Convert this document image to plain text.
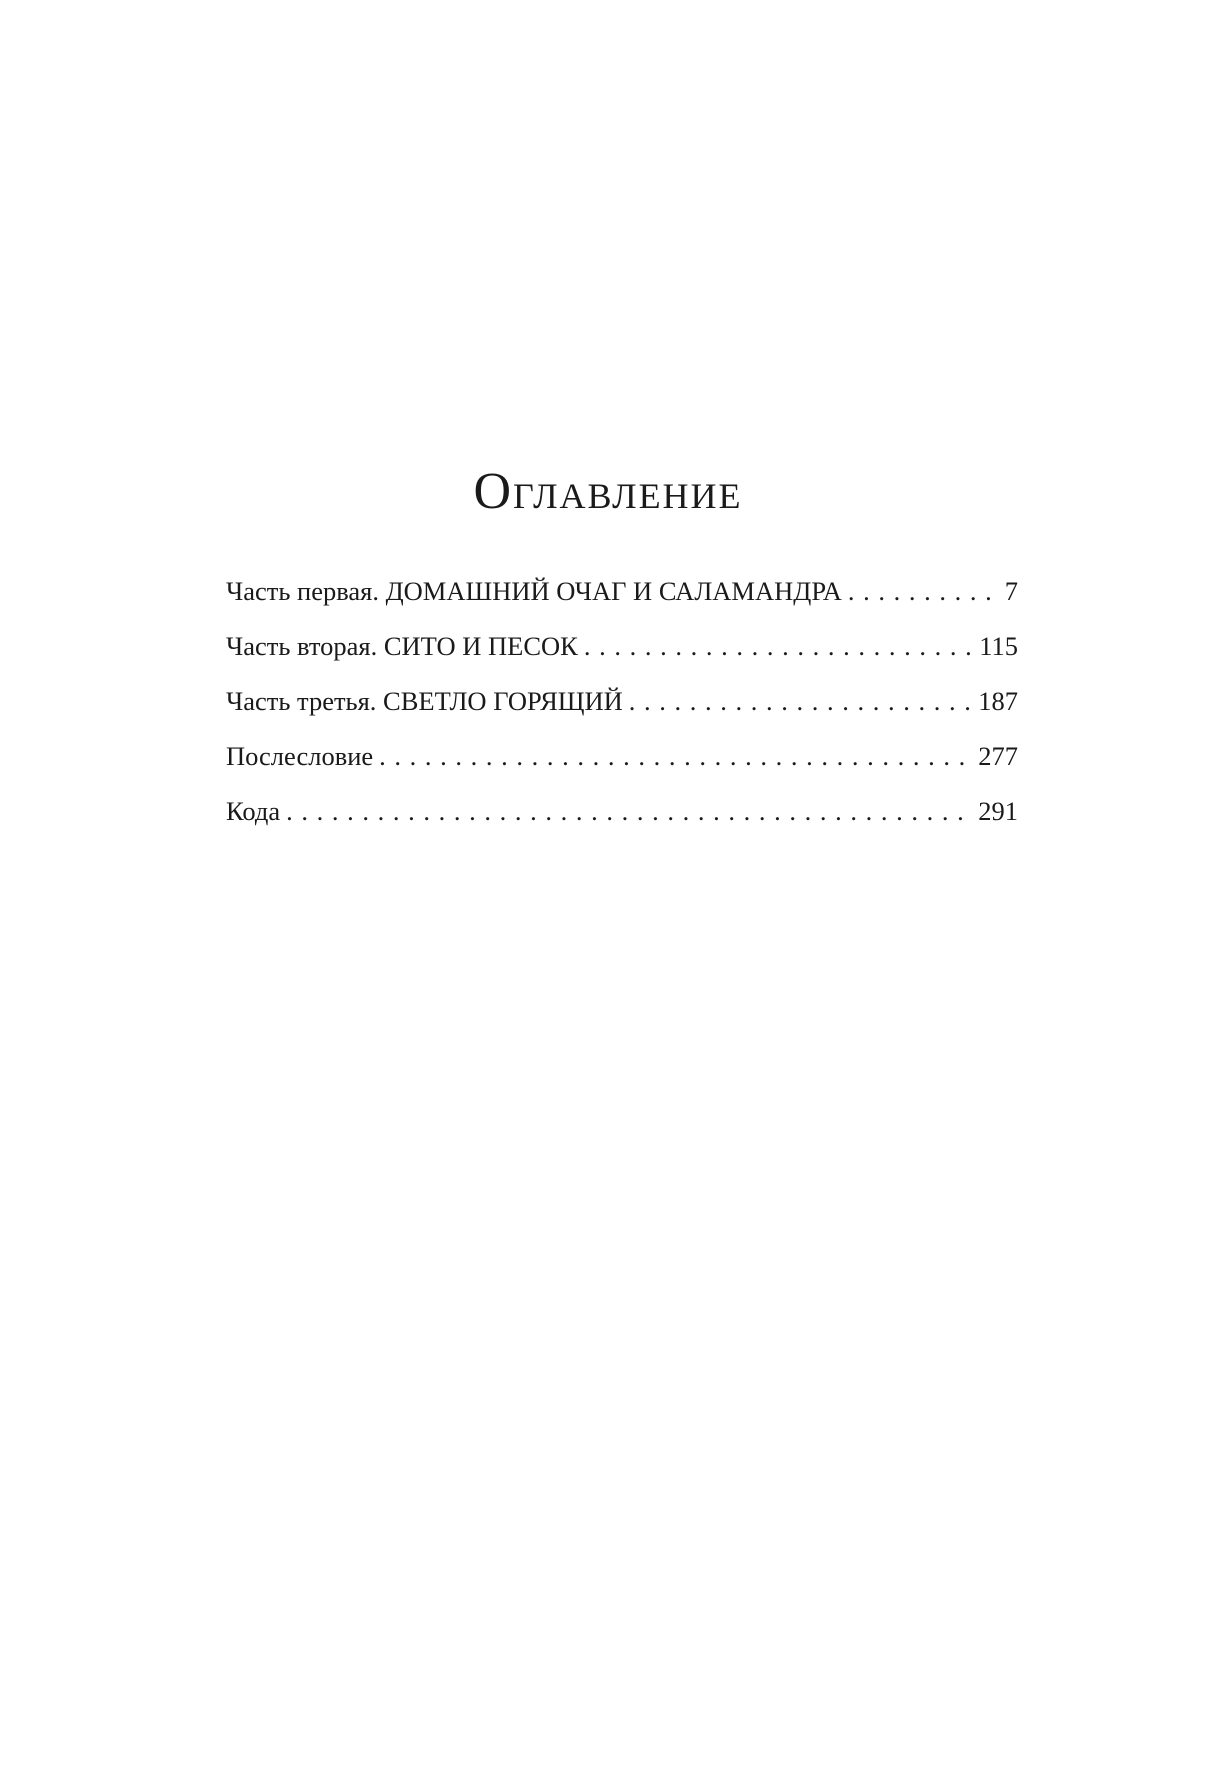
Оглавление
Часть первая. ДОМАШНИЙ ОЧАГ И САЛАМАНДРА . . .	7
Часть вторая. СИТО И ПЕСОК . . .	115
Часть третья. СВЕТЛО ГОРЯЩИЙ . . .	187
Послесловие . . .	277
Кода . . .	291
